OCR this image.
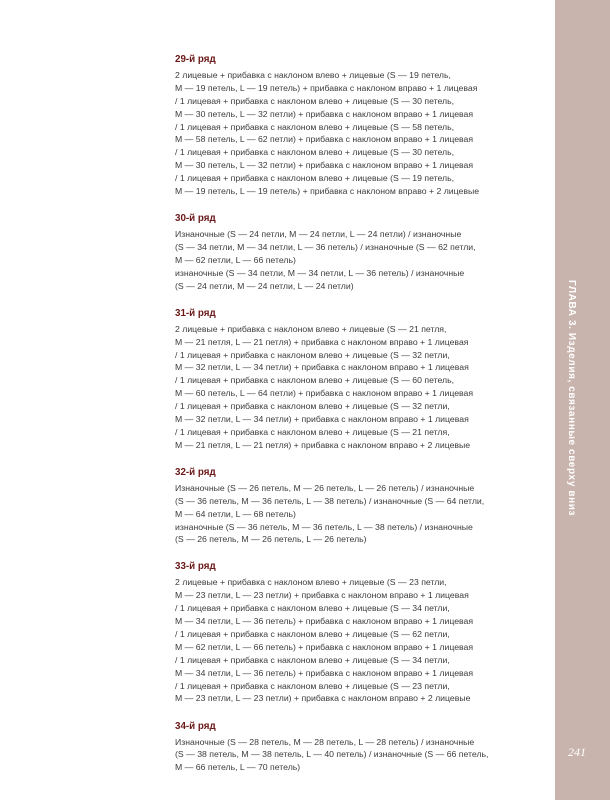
ГЛАВА 3. Изделия, связанные сверху вниз
241
29-й ряд
2 лицевые + прибавка с наклоном влево + лицевые (S — 19 петель,
M — 19 петель, L — 19 петель) + прибавка с наклоном вправо + 1 лицевая
/ 1 лицевая + прибавка с наклоном влево + лицевые (S — 30 петель,
M — 30 петель, L — 32 петли) + прибавка с наклоном вправо + 1 лицевая
/ 1 лицевая + прибавка с наклоном влево + лицевые (S — 58 петель,
M — 58 петель, L — 62 петли) + прибавка с наклоном вправо + 1 лицевая
/ 1 лицевая + прибавка с наклоном влево + лицевые (S — 30 петель,
M — 30 петель, L — 32 петли) + прибавка с наклоном вправо + 1 лицевая
/ 1 лицевая + прибавка с наклоном влево + лицевые (S — 19 петель,
M — 19 петель, L — 19 петель) + прибавка с наклоном вправо + 2 лицевые
30-й ряд
Изнаночные (S — 24 петли, M — 24 петли, L — 24 петли) / изнаночные
(S — 34 петли, M — 34 петли, L — 36 петель) / изнаночные (S — 62 петли,
M — 62 петли, L — 66 петель)
изнаночные (S — 34 петли, M — 34 петли, L — 36 петель) / изнаночные
(S — 24 петли, M — 24 петли, L — 24 петли)
31-й ряд
2 лицевые + прибавка с наклоном влево + лицевые (S — 21 петля,
M — 21 петля, L — 21 петля) + прибавка с наклоном вправо + 1 лицевая
/ 1 лицевая + прибавка с наклоном влево + лицевые (S — 32 петли,
M — 32 петли, L — 34 петли) + прибавка с наклоном вправо + 1 лицевая
/ 1 лицевая + прибавка с наклоном влево + лицевые (S — 60 петель,
M — 60 петель, L — 64 петли) + прибавка с наклоном вправо + 1 лицевая
/ 1 лицевая + прибавка с наклоном влево + лицевые (S — 32 петли,
M — 32 петли, L — 34 петли) + прибавка с наклоном вправо + 1 лицевая
/ 1 лицевая + прибавка с наклоном влево + лицевые (S — 21 петля,
M — 21 петля, L — 21 петля) + прибавка с наклоном вправо + 2 лицевые
32-й ряд
Изнаночные (S — 26 петель, M — 26 петель, L — 26 петель) / изнаночные
(S — 36 петель, M — 36 петель, L — 38 петель) / изнаночные (S — 64 петли,
M — 64 петли, L — 68 петель)
изнаночные (S — 36 петель, M — 36 петель, L — 38 петель) / изнаночные
(S — 26 петель, M — 26 петель, L — 26 петель)
33-й ряд
2 лицевые + прибавка с наклоном влево + лицевые (S — 23 петли,
M — 23 петли, L — 23 петли) + прибавка с наклоном вправо + 1 лицевая
/ 1 лицевая + прибавка с наклоном влево + лицевые (S — 34 петли,
M — 34 петли, L — 36 петель) + прибавка с наклоном вправо + 1 лицевая
/ 1 лицевая + прибавка с наклоном влево + лицевые (S — 62 петли,
M — 62 петли, L — 66 петель) + прибавка с наклоном вправо + 1 лицевая
/ 1 лицевая + прибавка с наклоном влево + лицевые (S — 34 петли,
M — 34 петли, L — 36 петель) + прибавка с наклоном вправо + 1 лицевая
/ 1 лицевая + прибавка с наклоном влево + лицевые (S — 23 петли,
M — 23 петли, L — 23 петли) + прибавка с наклоном вправо + 2 лицевые
34-й ряд
Изнаночные (S — 28 петель, M — 28 петель, L — 28 петель) / изнаночные
(S — 38 петель, M — 38 петель, L — 40 петель) / изнаночные (S — 66 петель,
M — 66 петель, L — 70 петель)
